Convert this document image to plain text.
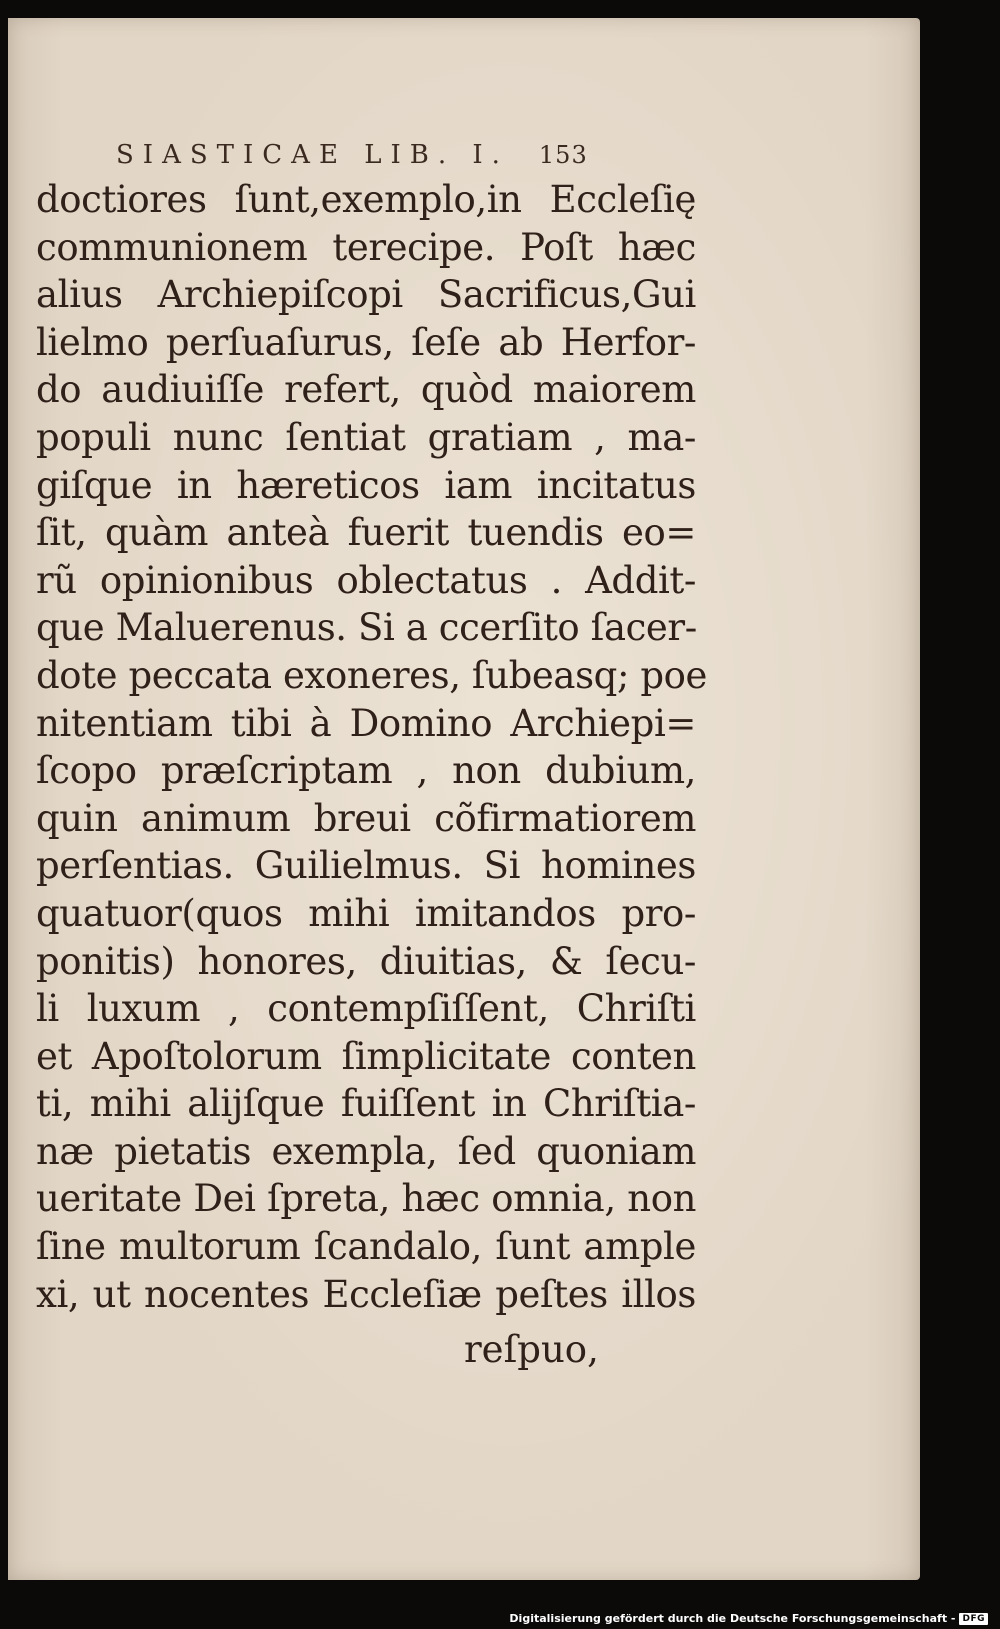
SIASTICAE LIB. I. 153
doctiores ſunt,exemplo,in Eccleſię
communionem terecipe. Poſt hæc
alius Archiepiſcopi Sacrificus,Gui
lielmo perſuaſurus, ſeſe ab Herfor-
do audiuiſſe refert, quòd maiorem
populi nunc ſentiat gratiam , ma-
giſque in hæreticos iam incitatus
ſit, quàm anteà fuerit tuendis eo=
rũ opinionibus oblectatus . Addit-
que Maluerenus. Si a ccerſito ſacer-
dote peccata exoneres, ſubeasq; poe
nitentiam tibi à Domino Archiepi=
ſcopo præſcriptam , non dubium,
quin animum breui cõfirmatiorem
perſentias. Guilielmus. Si homines
quatuor(quos mihi imitandos pro-
ponitis) honores, diuitias, & ſecu-
li luxum , contempſiſſent, Chriſti
et Apoſtolorum ſimplicitate conten
ti, mihi alijſque fuiſſent in Chriſtia-
næ pietatis exempla, ſed quoniam
ueritate Dei ſpreta, hæc omnia, non
ſine multorum ſcandalo, ſunt ample
xi, ut nocentes Eccleſiæ peſtes illos
reſpuo,
Digitalisierung gefördert durch die Deutsche Forschungsgemeinschaft - DFG
